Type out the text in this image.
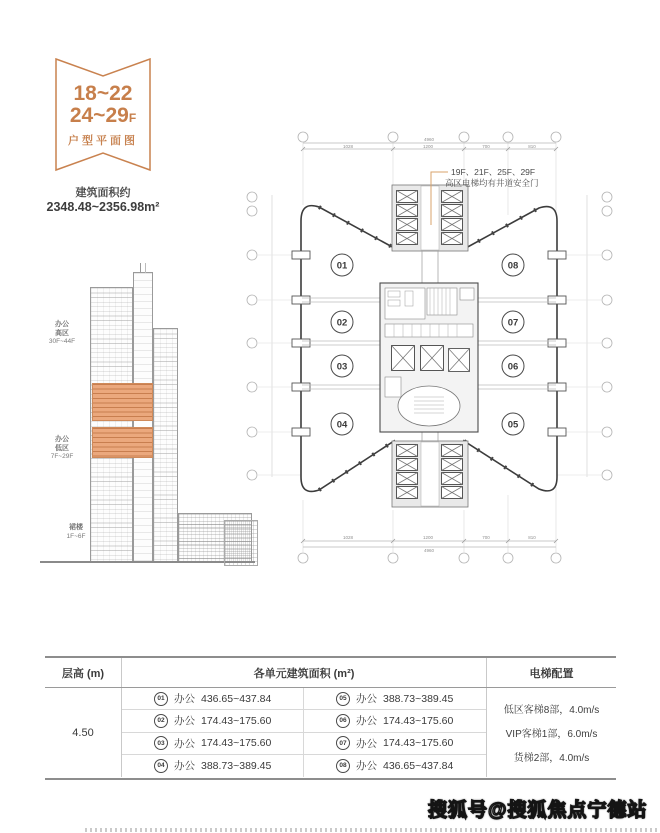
18~22
24~29F
户型平面图
建筑面积约
2348.48~2356.98m²
办公
高区
30F~44F
办公
低区
7F~29F
裙楼
1F~6F
4960
1028	1200	700	810
1028	1200	700	810
4960
01
02
03
04
08
07
06
05
19F、21F、25F、29F
高区电梯均有井道安全门
层高 (m)	各单元建筑面积 (m²)	电梯配置
4.50
01 办公 436.65~437.84	05 办公 388.73~389.45
02 办公 174.43~175.60	06 办公 174.43~175.60
03 办公 174.43~175.60	07 办公 174.43~175.60
04 办公 388.73~389.45	08 办公 436.65~437.84
低区客梯8部，4.0m/s
VIP客梯1部，6.0m/s
货梯2部，4.0m/s
搜狐号@搜狐焦点宁德站
